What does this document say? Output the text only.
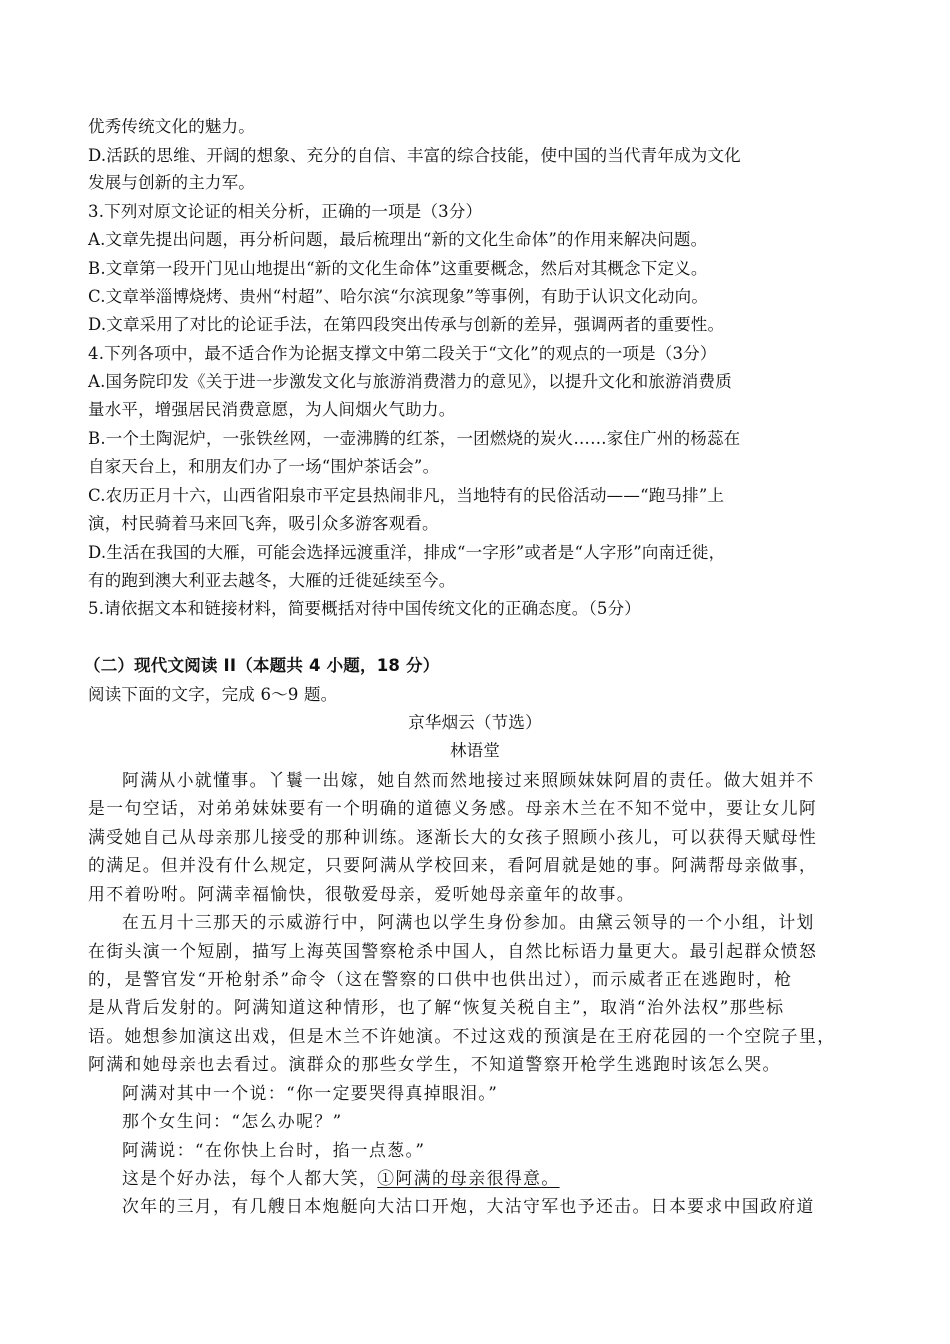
优秀传统文化的魅力。
D.活跃的思维、开阔的想象、充分的自信、丰富的综合技能，使中国的当代青年成为文化
发展与创新的主力军。
3.下列对原文论证的相关分析，正确的一项是（3分）
A.文章先提出问题，再分析问题，最后梳理出“新的文化生命体”的作用来解决问题。
B.文章第一段开门见山地提出“新的文化生命体”这重要概念，然后对其概念下定义。
C.文章举淄博烧烤、贵州“村超”、哈尔滨“尔滨现象”等事例，有助于认识文化动向。
D.文章采用了对比的论证手法，在第四段突出传承与创新的差异，强调两者的重要性。
4.下列各项中，最不适合作为论据支撑文中第二段关于“文化”的观点的一项是（3分）
A.国务院印发《关于进一步激发文化与旅游消费潜力的意见》，以提升文化和旅游消费质
量水平，增强居民消费意愿，为人间烟火气助力。
B.一个土陶泥炉，一张铁丝网，一壶沸腾的红茶，一团燃烧的炭火……家住广州的杨蕊在
自家天台上，和朋友们办了一场“围炉茶话会”。
C.农历正月十六，山西省阳泉市平定县热闹非凡，当地特有的民俗活动——“跑马排”上
演，村民骑着马来回飞奔，吸引众多游客观看。
D.生活在我国的大雁，可能会选择远渡重洋，排成“一字形”或者是“人字形”向南迁徙，
有的跑到澳大利亚去越冬，大雁的迁徙延续至今。
5.请依据文本和链接材料，简要概括对待中国传统文化的正确态度。（5分）
（二）现代文阅读 II（本题共 4 小题，18 分）
阅读下面的文字，完成 6～9 题。
京华烟云（节选）
林语堂
阿满从小就懂事。丫鬟一出嫁，她自然而然地接过来照顾妹妹阿眉的责任。做大姐并不
是一句空话，对弟弟妹妹要有一个明确的道德义务感。母亲木兰在不知不觉中，要让女儿阿
满受她自己从母亲那儿接受的那种训练。逐渐长大的女孩子照顾小孩儿，可以获得天赋母性
的满足。但并没有什么规定，只要阿满从学校回来，看阿眉就是她的事。阿满帮母亲做事，
用不着吩咐。阿满幸福愉快，很敬爱母亲，爱听她母亲童年的故事。
在五月十三那天的示威游行中，阿满也以学生身份参加。由黛云领导的一个小组，计划
在街头演一个短剧，描写上海英国警察枪杀中国人，自然比标语力量更大。最引起群众愤怒
的，是警官发“开枪射杀”命令（这在警察的口供中也供出过），而示威者正在逃跑时，枪
是从背后发射的。阿满知道这种情形，也了解“恢复关税自主”，取消“治外法权”那些标
语。她想参加演这出戏，但是木兰不许她演。不过这戏的预演是在王府花园的一个空院子里，
阿满和她母亲也去看过。演群众的那些女学生，不知道警察开枪学生逃跑时该怎么哭。
阿满对其中一个说：“你一定要哭得真掉眼泪。”
那个女生问：“怎么办呢？”
阿满说：“在你快上台时，掐一点葱。”
这是个好办法，每个人都大笑，①阿满的母亲很得意。
次年的三月，有几艘日本炮艇向大沽口开炮，大沽守军也予还击。日本要求中国政府道
